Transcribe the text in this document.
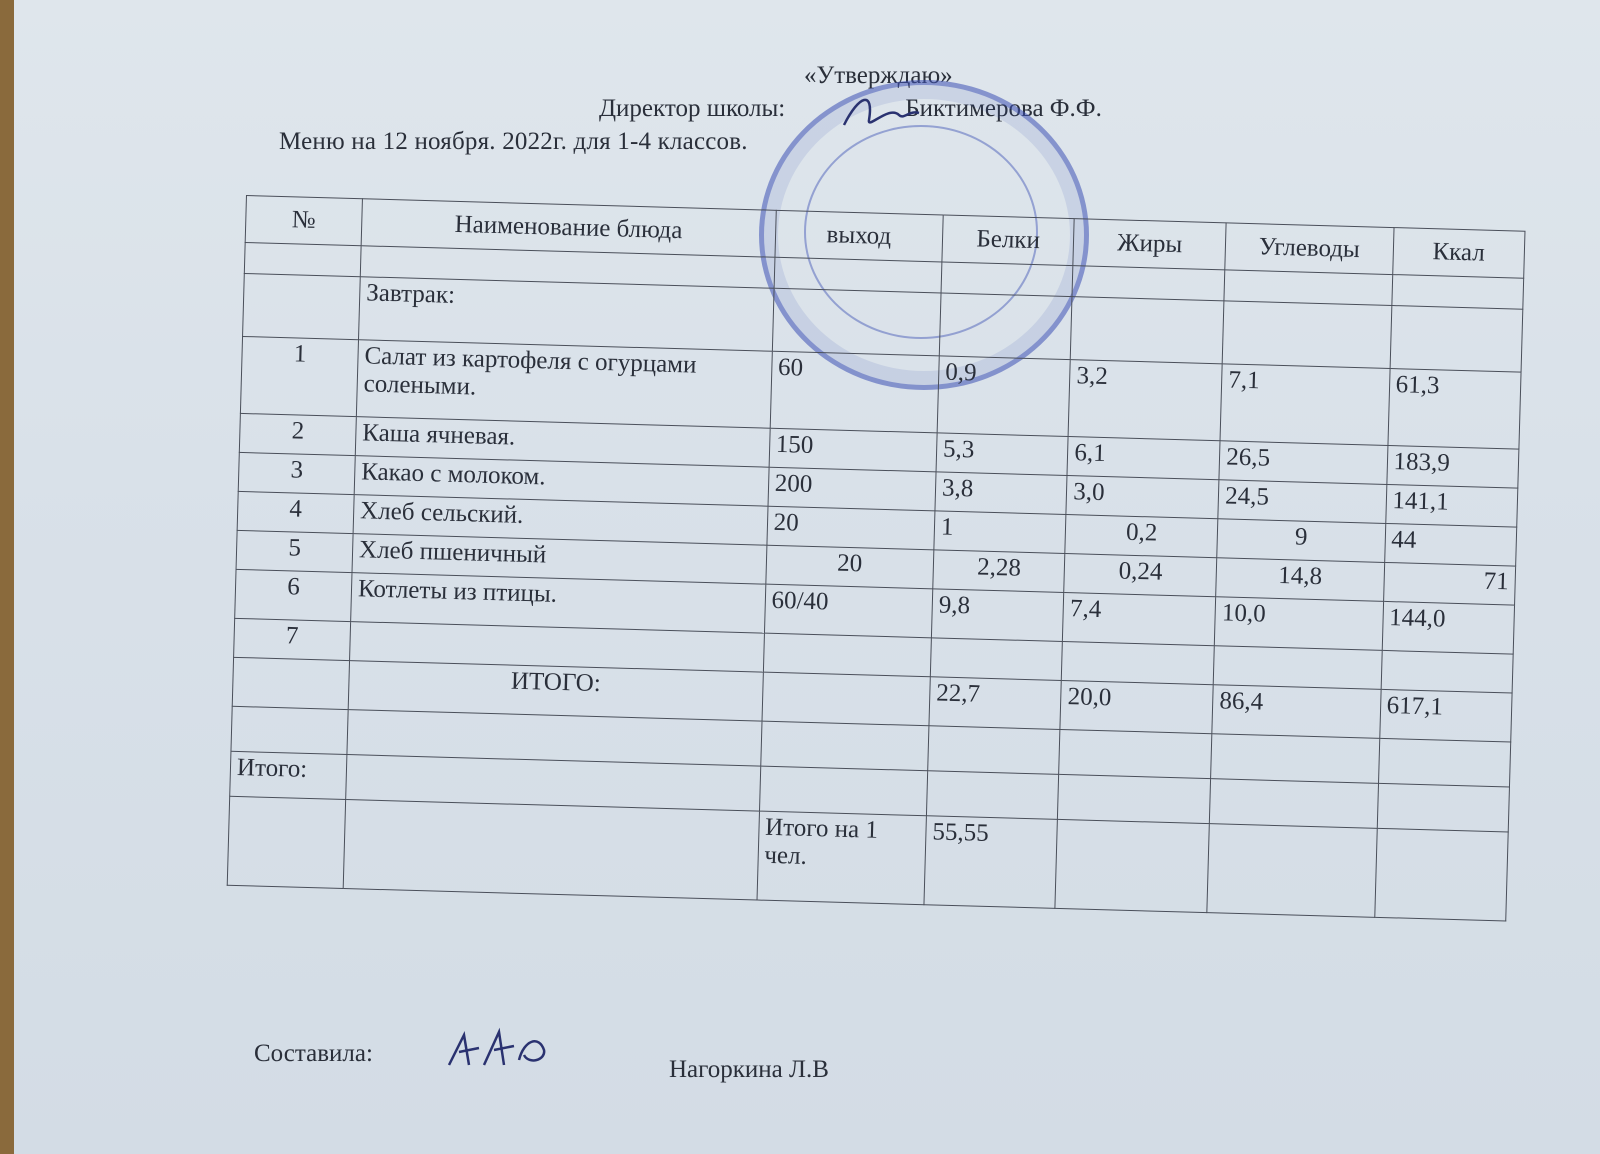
«Утверждаю»
Директор школы:	Биктимерова Ф.Ф.
Меню на 12 ноября. 2022г. для 1-4 классов.
№	Наименование блюда	выход	Белки	Жиры	Углеводы	Ккал

	Завтрак:					
1	Салат из картофеля с огурцами солеными.	60	0,9	3,2	7,1	61,3
2	Каша ячневая.	150	5,3	6,1	26,5	183,9
3	Какао с молоком.	200	3,8	3,0	24,5	141,1
4	Хлеб сельский.	20	1	0,2	9	44
5	Хлеб пшеничный	20	2,28	0,24	14,8	71
6	Котлеты из птицы.	60/40	9,8	7,4	10,0	144,0
7						
	ИТОГО:		22,7	20,0	86,4	617,1

Итого:						
		Итого на 1 чел.	55,55			
Составила:
Нагоркина Л.В
